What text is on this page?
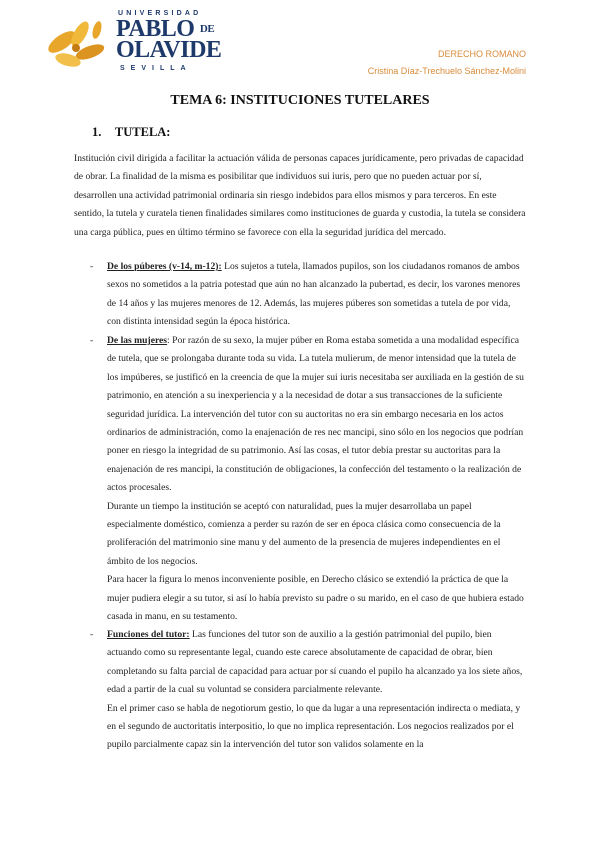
UNIVERSIDAD
PABLO $^{DE}$
OLAVIDE
SEVILLA
DERECHO ROMANO
Cristina Díaz-Trechuelo Sánchez-Molini
TEMA 6: INSTITUCIONES TUTELARES
1. TUTELA:

Institución civil dirigida a facilitar la actuación válida de personas capaces jurídicamente, pero privadas de capacidad de obrar. La finalidad de la misma es posibilitar que individuos sui iuris, pero que no pueden actuar por sí, desarrollen una actividad patrimonial ordinaria sin riesgo indebidos para ellos mismos y para terceros. En este sentido, la tutela y curatela tienen finalidades similares como instituciones de guarda y custodia, la tutela se considera una carga pública, pues en último término se favorece con ella la seguridad jurídica del mercado.

- De los púberes (v-14, m-12): Los sujetos a tutela, llamados pupilos, son los ciudadanos romanos de ambos sexos no sometidos a la patria potestad que aún no han alcanzado la pubertad, es decir, los varones menores de 14 años y las mujeres menores de 12. Además, las mujeres púberes son sometidas a tutela de por vida, con distinta intensidad según la época histórica.

- De las mujeres: Por razón de su sexo, la mujer púber en Roma estaba sometida a una modalidad específica de tutela, que se prolongaba durante toda su vida. La tutela mulierum, de menor intensidad que la tutela de los impúberes, se justificó en la creencia de que la mujer sui iuris necesitaba ser auxiliada en la gestión de su patrimonio, en atención a su inexperiencia y a la necesidad de dotar a sus transacciones de la suficiente seguridad jurídica. La intervención del tutor con su auctoritas no era sin embargo necesaria en los actos ordinarios de administración, como la enajenación de res nec mancipi, sino sólo en los negocios que podrían poner en riesgo la integridad de su patrimonio. Así las cosas, el tutor debía prestar su auctoritas para la enajenación de res mancipi, la constitución de obligaciones, la confección del testamento o la realización de actos procesales.

Durante un tiempo la institución se aceptó con naturalidad, pues la mujer desarrollaba un papel especialmente doméstico, comienza a perder su razón de ser en época clásica como consecuencia de la proliferación del matrimonio sine manu y del aumento de la presencia de mujeres independientes en el ámbito de los negocios.

Para hacer la figura lo menos inconveniente posible, en Derecho clásico se extendió la práctica de que la mujer pudiera elegir a su tutor, si así lo había previsto su padre o su marido, en el caso de que hubiera estado casada in manu, en su testamento.

- Funciones del tutor: Las funciones del tutor son de auxilio a la gestión patrimonial del pupilo, bien actuando como su representante legal, cuando este carece absolutamente de capacidad de obrar, bien completando su falta parcial de capacidad para actuar por sí cuando el pupilo ha alcanzado ya los siete años, edad a partir de la cual su voluntad se considera parcialmente relevante.

En el primer caso se habla de negotiorum gestio, lo que da lugar a una representación indirecta o mediata, y en el segundo de auctoritatis interpositio, lo que no implica representación. Los negocios realizados por el pupilo parcialmente capaz sin la intervención del tutor son validos solamente en la
